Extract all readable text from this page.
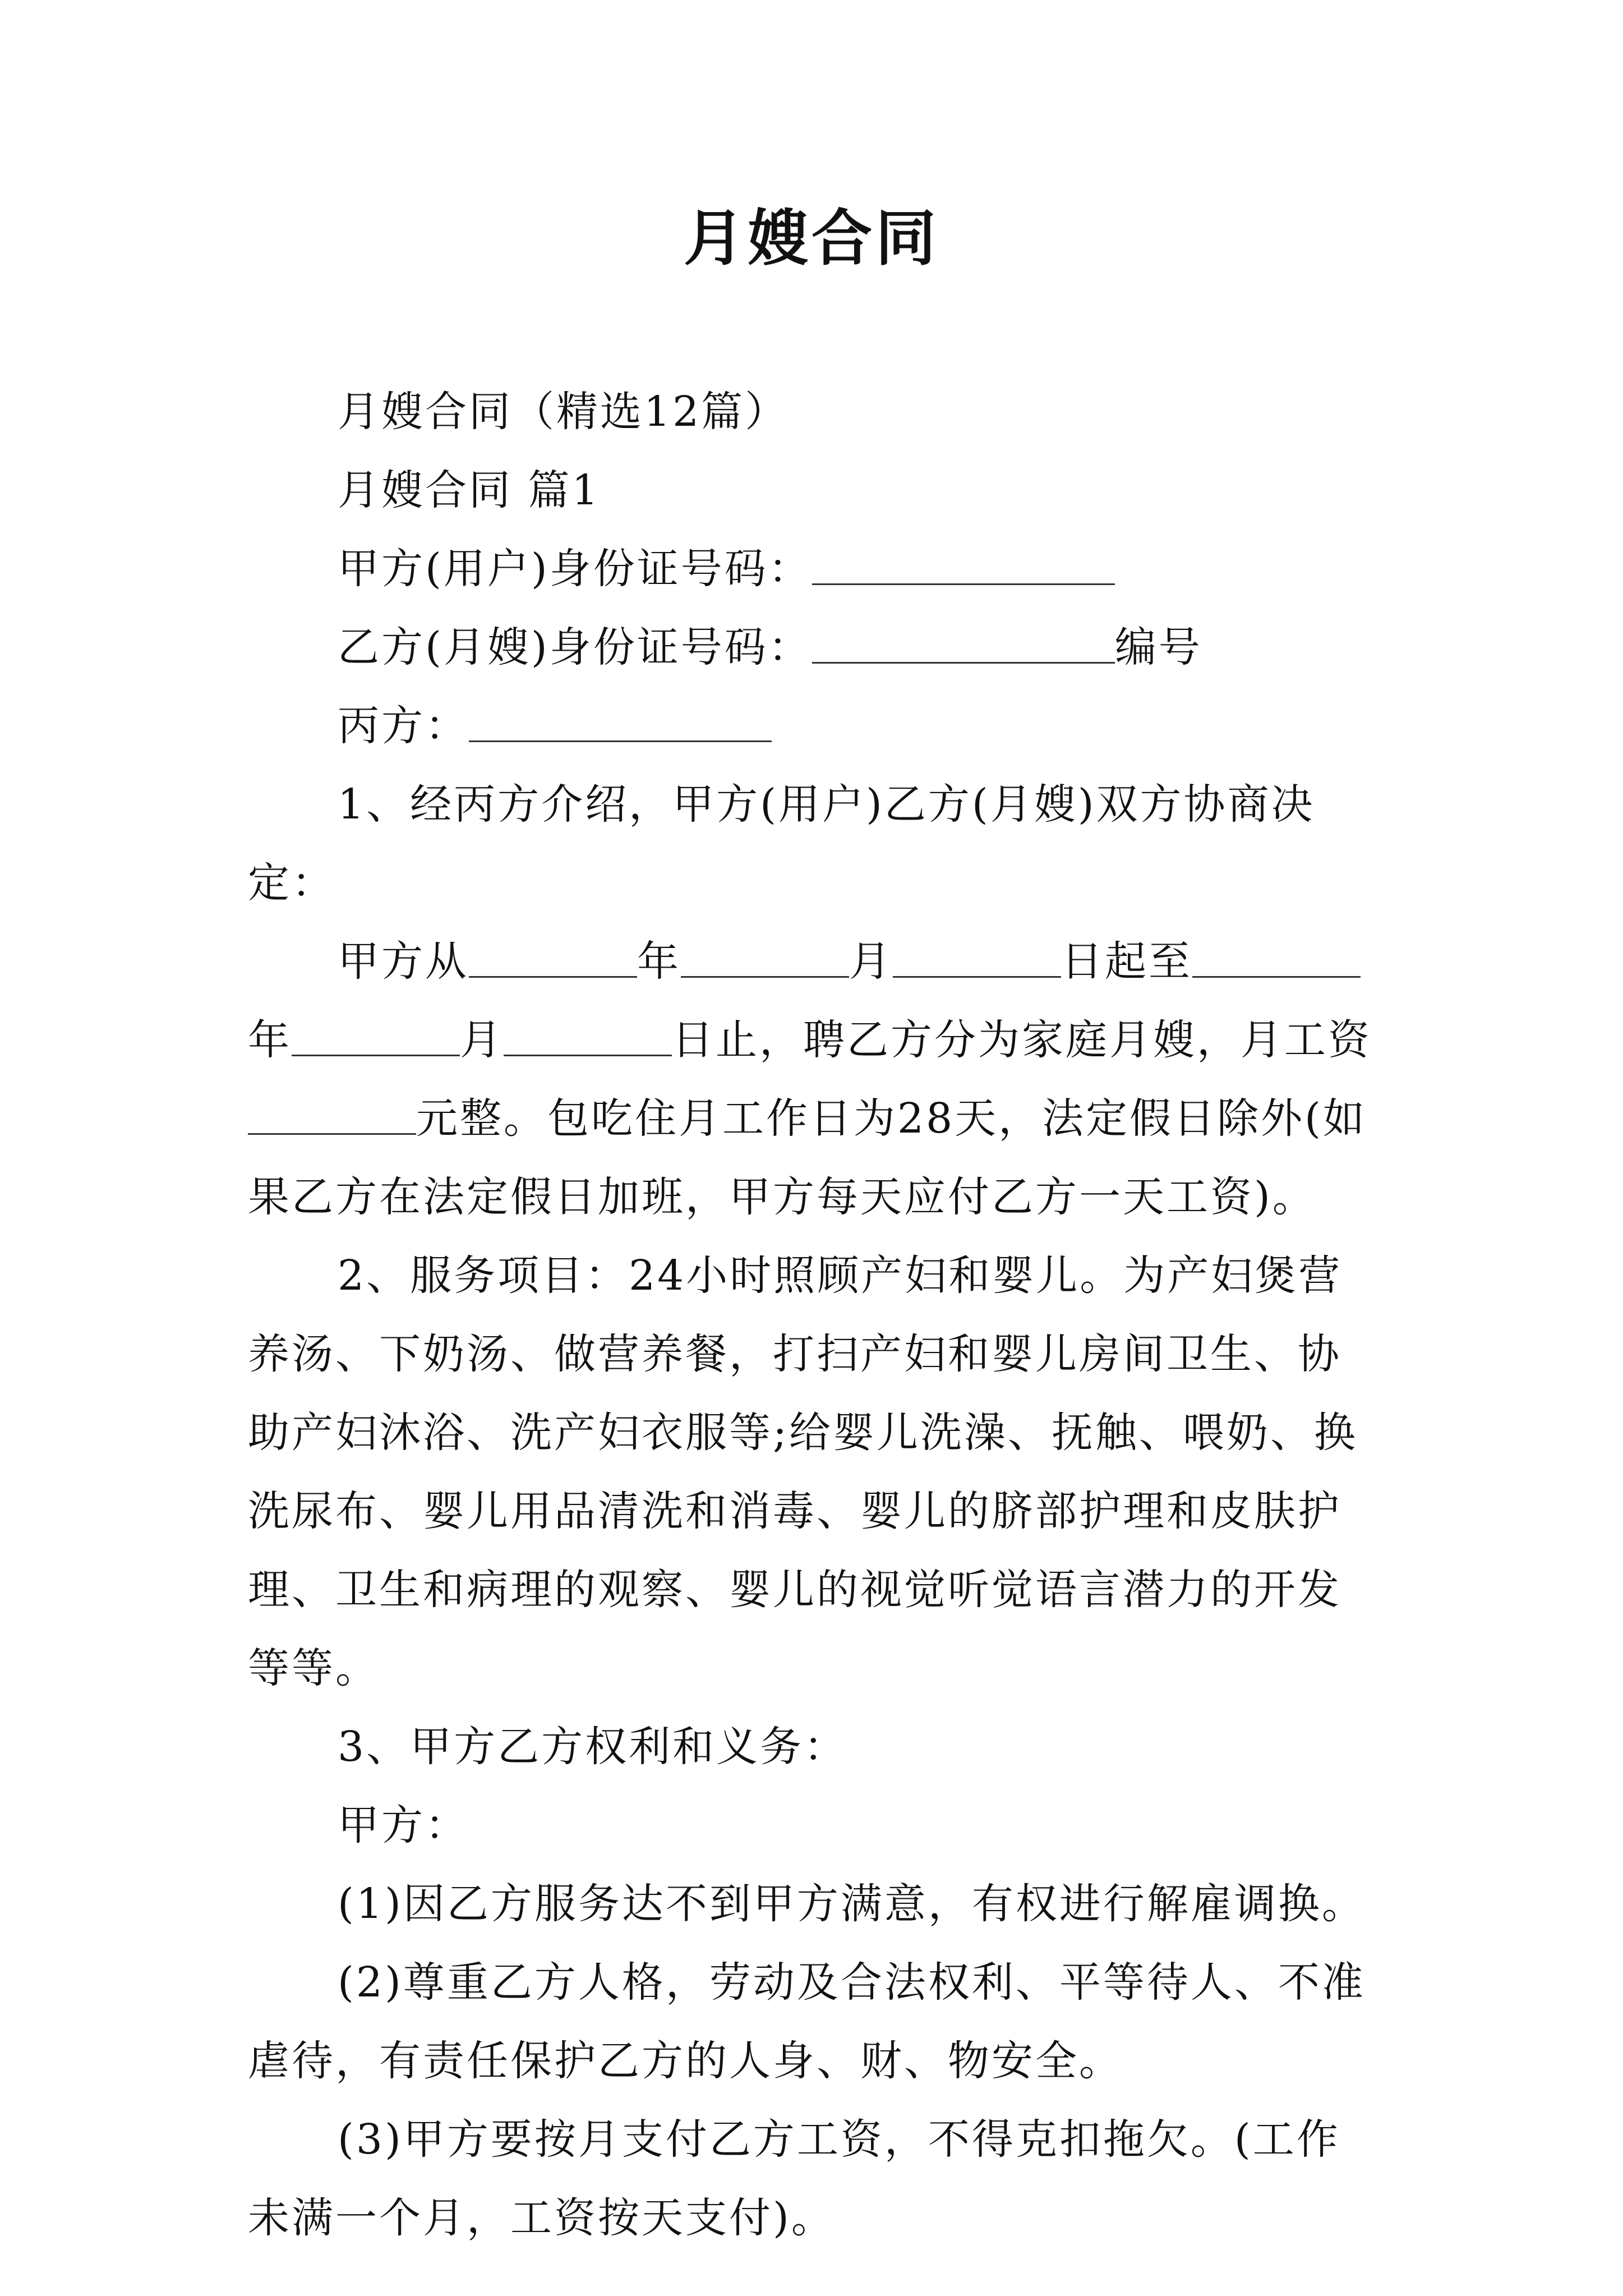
月嫂合同

月嫂合同（精选12篇）

月嫂合同 篇1

甲方(用户)身份证号码：

乙方(月嫂)身份证号码：	编号

丙方：

1、经丙方介绍，甲方(用户)乙方(月嫂)双方协商决定：

甲方从	年	月	日起至年	月	日止，聘乙方分为家庭月嫂，月工资元整。包吃住月工作日为28天，法定假日除外(如果乙方在法定假日加班，甲方每天应付乙方一天工资)。

2、服务项目：24小时照顾产妇和婴儿。为产妇煲营养汤、下奶汤、做营养餐，打扫产妇和婴儿房间卫生、协助产妇沐浴、洗产妇衣服等;给婴儿洗澡、抚触、喂奶、换洗尿布、婴儿用品清洗和消毒、婴儿的脐部护理和皮肤护理、卫生和病理的观察、婴儿的视觉听觉语言潜力的开发等等。

3、甲方乙方权利和义务：

甲方：

(1)因乙方服务达不到甲方满意，有权进行解雇调换。

(2)尊重乙方人格，劳动及合法权利、平等待人、不准虐待，有责任保护乙方的人身、财、物安全。

(3)甲方要按月支付乙方工资，不得克扣拖欠。(工作未满一个月，工资按天支付)。
